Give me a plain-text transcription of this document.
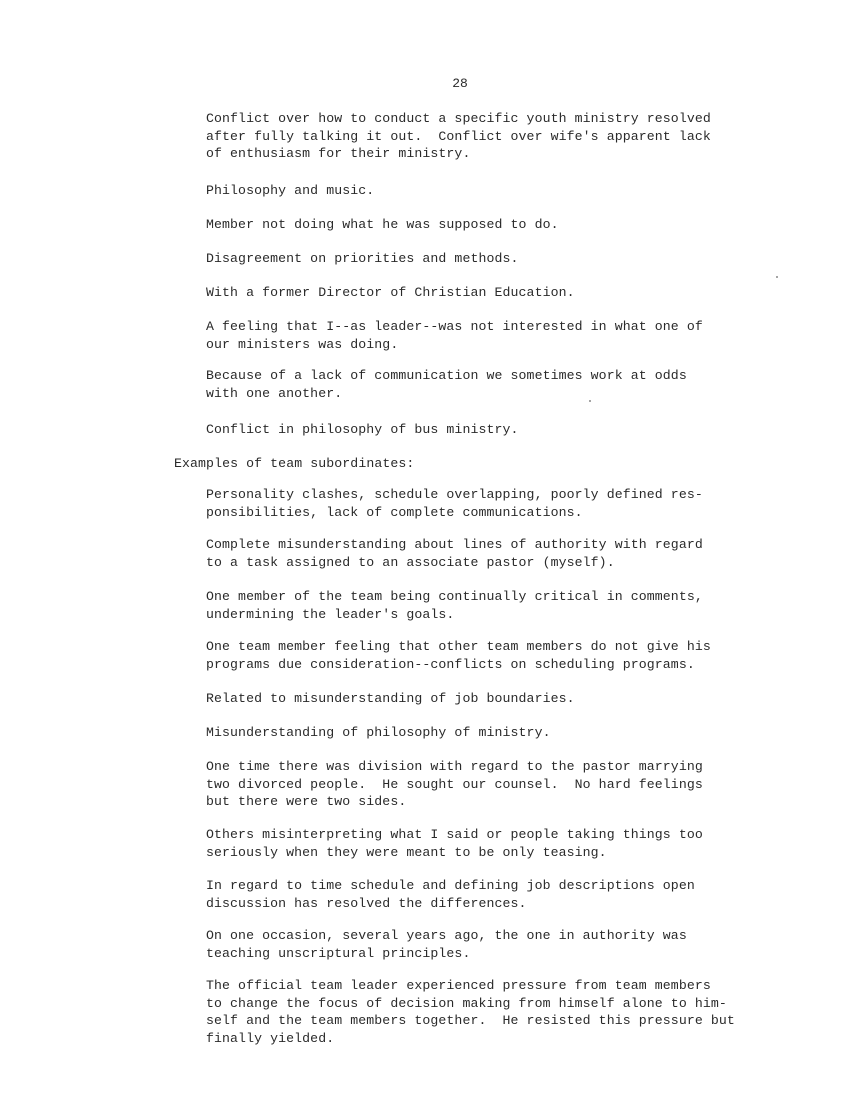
28
Conflict over how to conduct a specific youth ministry resolved
after fully talking it out.  Conflict over wife's apparent lack
of enthusiasm for their ministry.
Philosophy and music.
Member not doing what he was supposed to do.
Disagreement on priorities and methods.
With a former Director of Christian Education.
A feeling that I--as leader--was not interested in what one of
our ministers was doing.
Because of a lack of communication we sometimes work at odds
with one another.
Conflict in philosophy of bus ministry.
Examples of team subordinates:
Personality clashes, schedule overlapping, poorly defined res-
ponsibilities, lack of complete communications.
Complete misunderstanding about lines of authority with regard
to a task assigned to an associate pastor (myself).
One member of the team being continually critical in comments,
undermining the leader's goals.
One team member feeling that other team members do not give his
programs due consideration--conflicts on scheduling programs.
Related to misunderstanding of job boundaries.
Misunderstanding of philosophy of ministry.
One time there was division with regard to the pastor marrying
two divorced people.  He sought our counsel.  No hard feelings
but there were two sides.
Others misinterpreting what I said or people taking things too
seriously when they were meant to be only teasing.
In regard to time schedule and defining job descriptions open
discussion has resolved the differences.
On one occasion, several years ago, the one in authority was
teaching unscriptural principles.
The official team leader experienced pressure from team members
to change the focus of decision making from himself alone to him-
self and the team members together.  He resisted this pressure but
finally yielded.
